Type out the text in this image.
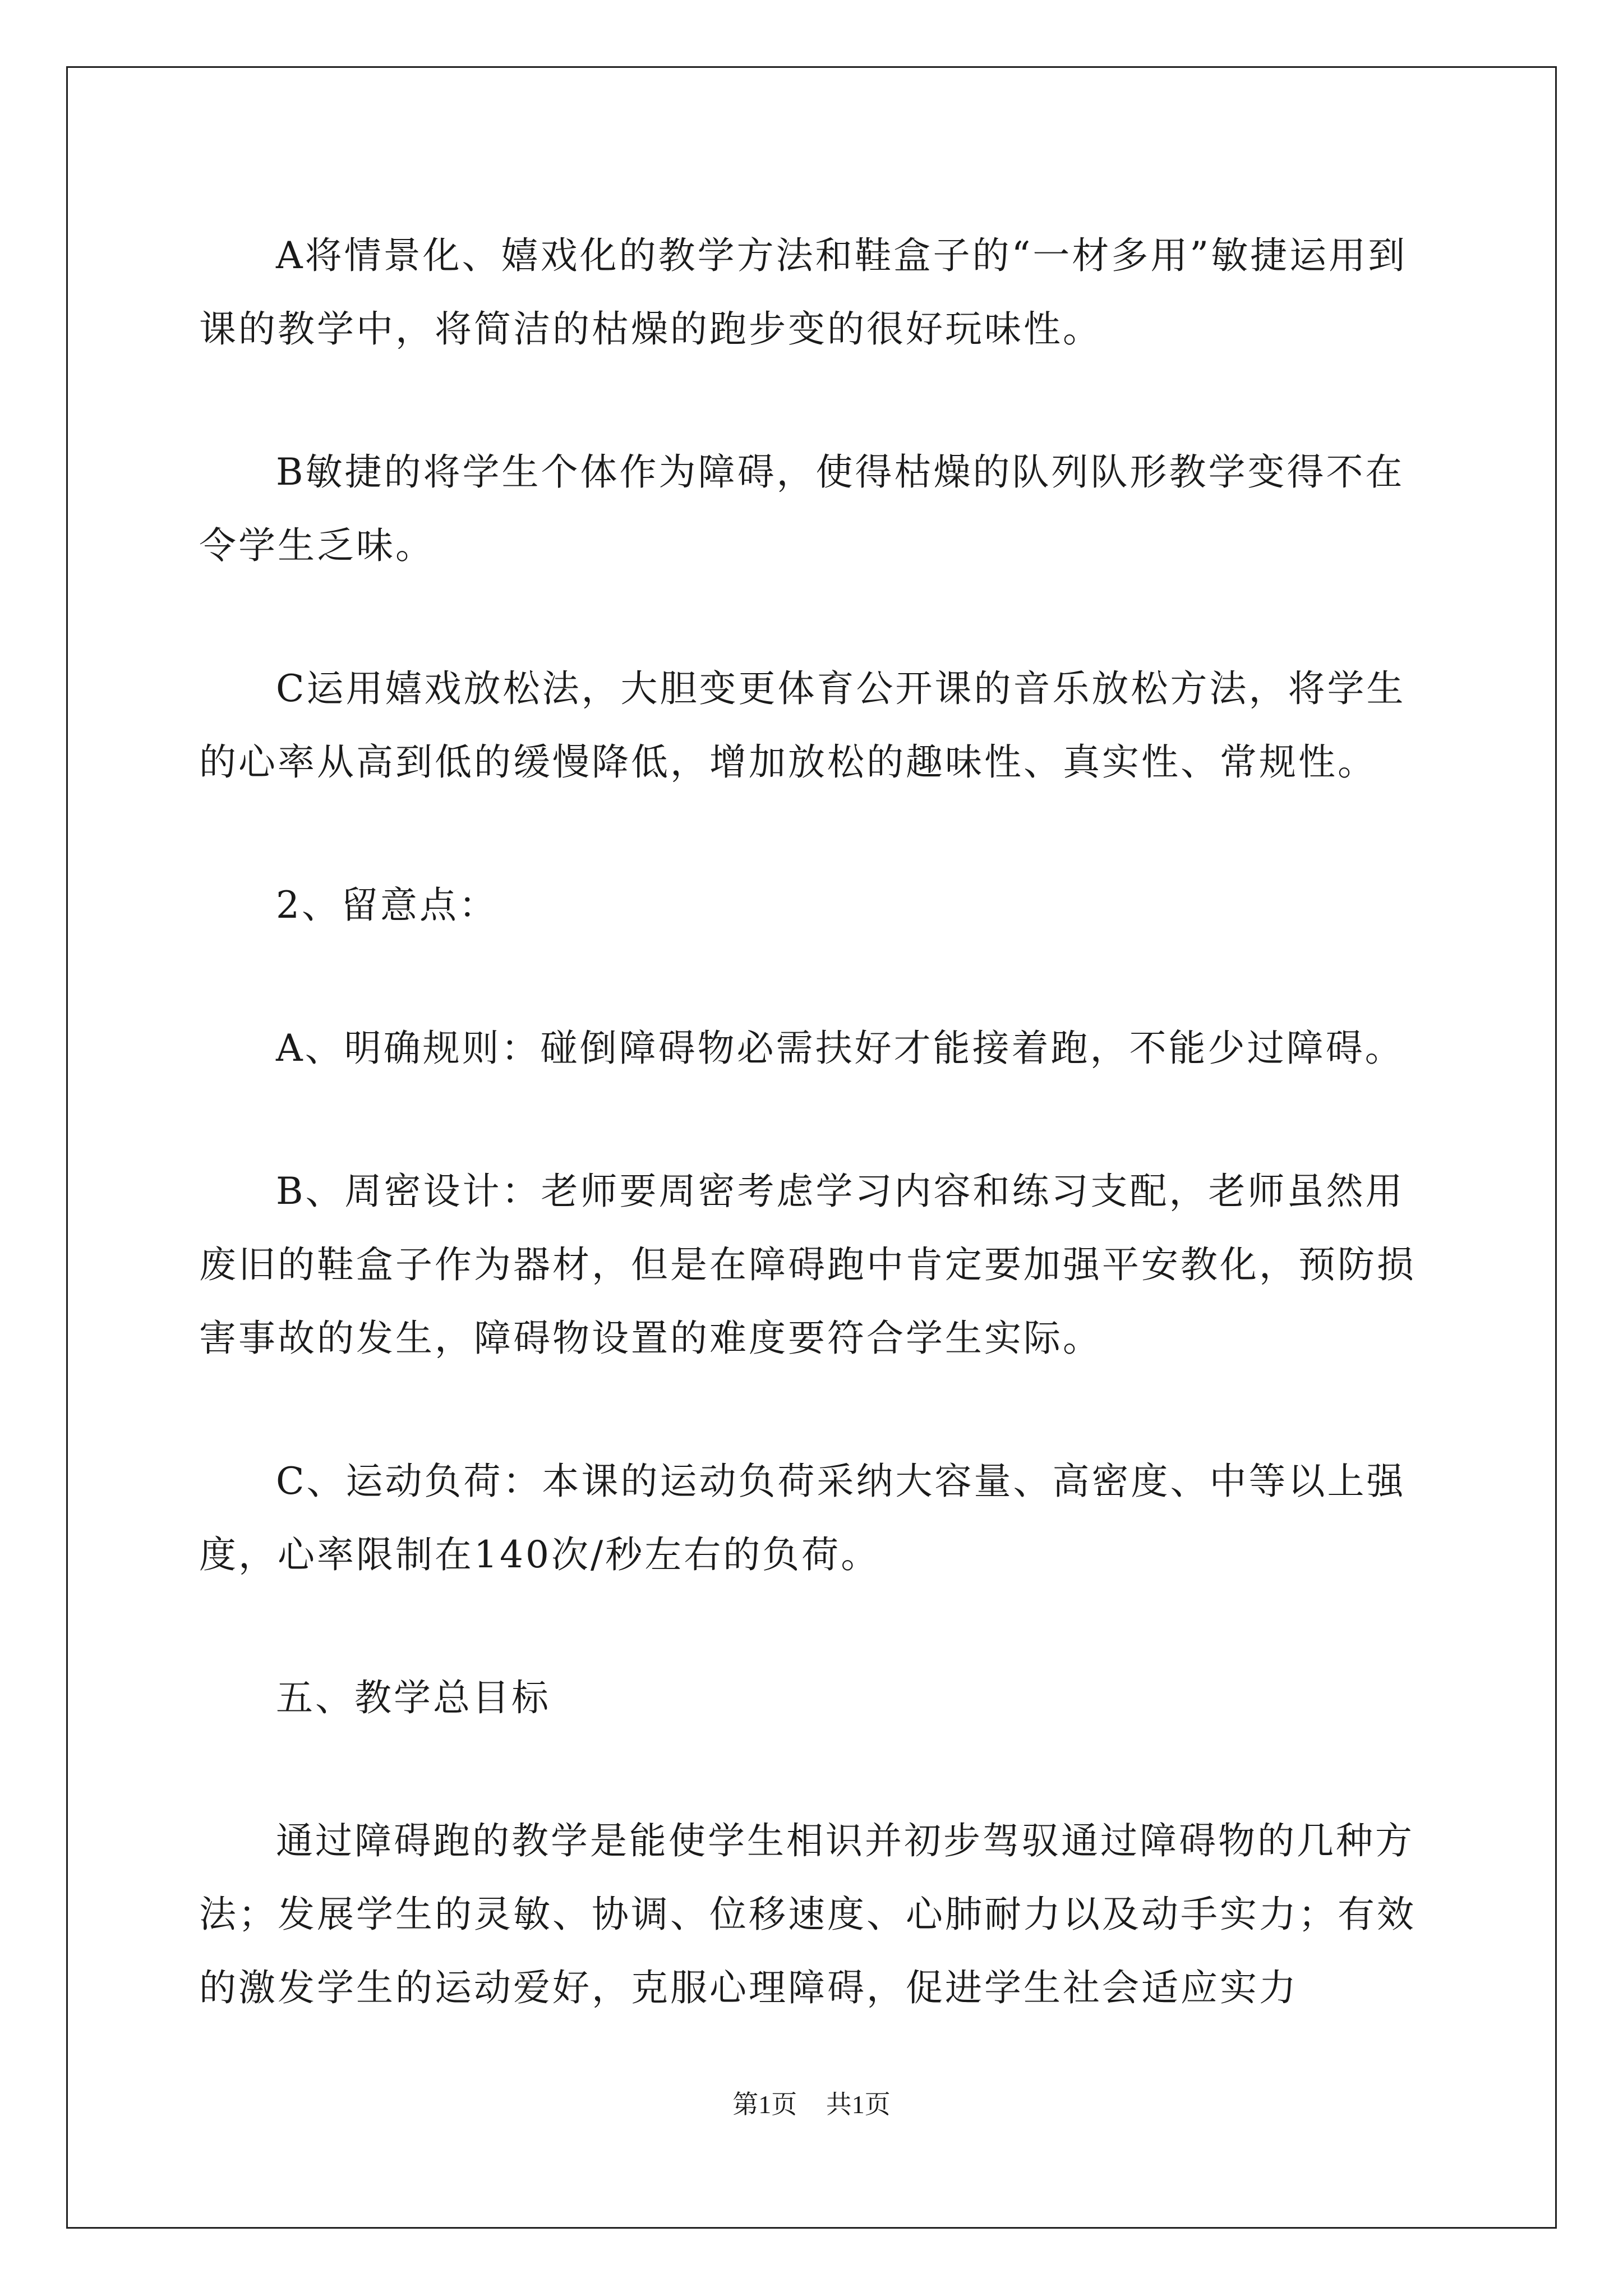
A将情景化、嬉戏化的教学方法和鞋盒子的“一材多用”敏捷运用到课的教学中，将简洁的枯燥的跑步变的很好玩味性。

B敏捷的将学生个体作为障碍，使得枯燥的队列队形教学变得不在令学生乏味。

C运用嬉戏放松法，大胆变更体育公开课的音乐放松方法，将学生的心率从高到低的缓慢降低，增加放松的趣味性、真实性、常规性。

2、留意点：

A、明确规则：碰倒障碍物必需扶好才能接着跑，不能少过障碍。

B、周密设计：老师要周密考虑学习内容和练习支配，老师虽然用废旧的鞋盒子作为器材，但是在障碍跑中肯定要加强平安教化，预防损害事故的发生，障碍物设置的难度要符合学生实际。

C、运动负荷：本课的运动负荷采纳大容量、高密度、中等以上强度，心率限制在140次/秒左右的负荷。

五、教学总目标

通过障碍跑的教学是能使学生相识并初步驾驭通过障碍物的几种方法；发展学生的灵敏、协调、位移速度、心肺耐力以及动手实力；有效的激发学生的运动爱好，克服心理障碍，促进学生社会适应实力

第1页 共1页
